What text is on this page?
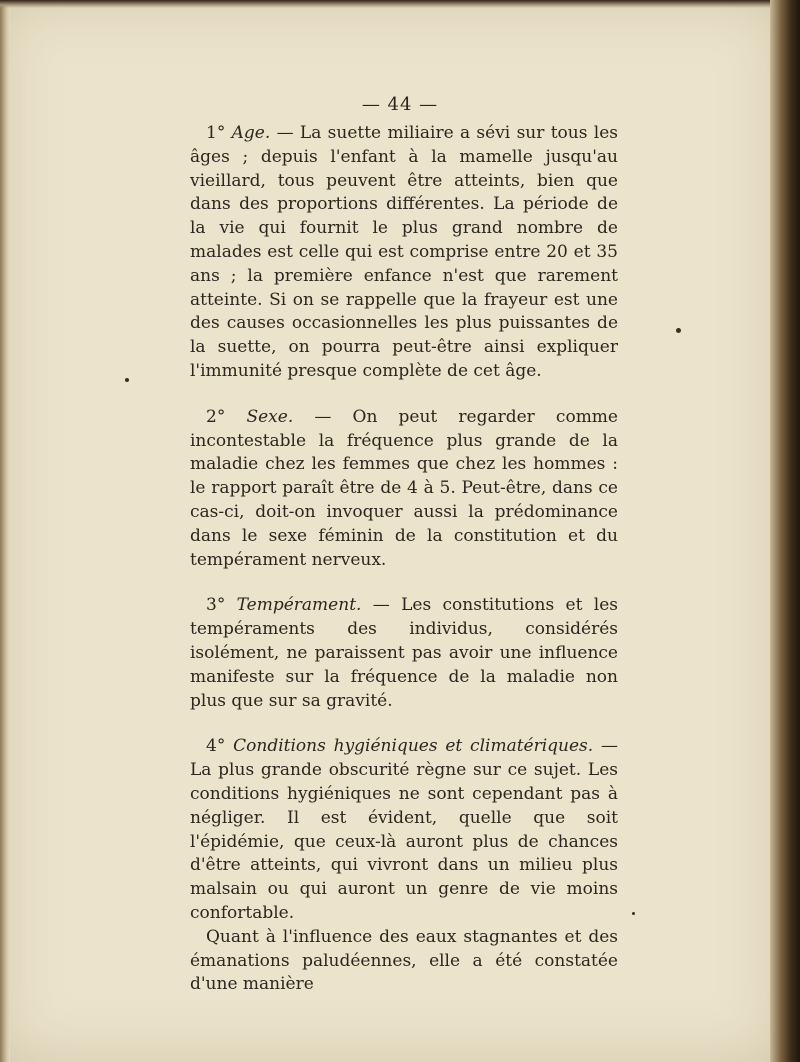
— 44 —

1° Age. — La suette miliaire a sévi sur tous les âges ; depuis l'enfant à la mamelle jusqu'au vieillard, tous peuvent être atteints, bien que dans des proportions différentes. La période de la vie qui fournit le plus grand nombre de malades est celle qui est comprise entre 20 et 35 ans ; la première enfance n'est que rarement atteinte. Si on se rappelle que la frayeur est une des causes occasionnelles les plus puissantes de la suette, on pourra peut-être ainsi expliquer l'immunité presque complète de cet âge.

2° Sexe. — On peut regarder comme incontestable la fréquence plus grande de la maladie chez les femmes que chez les hommes : le rapport paraît être de 4 à 5. Peut-être, dans ce cas-ci, doit-on invoquer aussi la prédominance dans le sexe féminin de la constitution et du tempérament nerveux.

3° Tempérament. — Les constitutions et les tempéraments des individus, considérés isolément, ne paraissent pas avoir une influence manifeste sur la fréquence de la maladie non plus que sur sa gravité.

4° Conditions hygiéniques et climatériques. — La plus grande obscurité règne sur ce sujet. Les conditions hygiéniques ne sont cependant pas à négliger. Il est évident, quelle que soit l'épidémie, que ceux-là auront plus de chances d'être atteints, qui vivront dans un milieu plus malsain ou qui auront un genre de vie moins confortable.

Quant à l'influence des eaux stagnantes et des émanations paludéennes, elle a été constatée d'une manière
